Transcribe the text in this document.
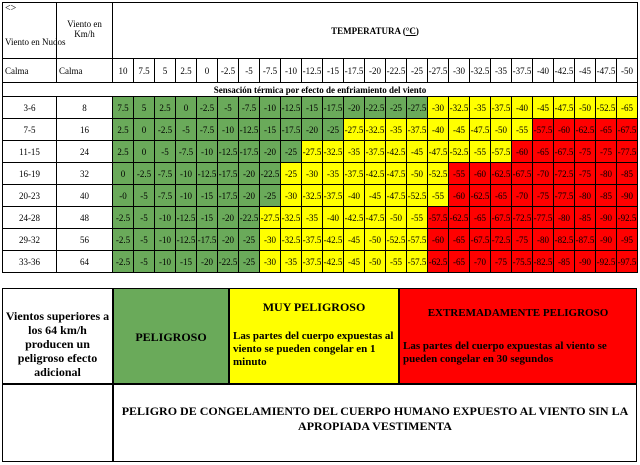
<>
Viento en Nudos	Viento en Km/h	TEMPERATURA (°C)																								
Calma	Calma	10	7.5	5	2.5	0	-2.5	-5	-7.5	-10	-12.5	-15	-17.5	-20	-22.5	-25	-27.5	-30	-32.5	-35	-37.5	-40	-42.5	-45	-47.5	-50
Sensación térmica por efecto de enfriamiento del viento																										
3-6	8	7.5	5	2.5	0	-2.5	-5	-7.5	-10	-12.5	-15	-17.5	-20	-22.5	-25	-27.5	-30	-32.5	-35	-37.5	-40	-45	-47.5	-50	-52.5	-65
7-5	16	2.5	0	-2.5	-5	-7.5	-10	-12.5	-15	-17.5	-20	-25	-27.5	-32.5	-35	-37.5	-40	-45	-47.5	-50	-55	-57.5	-60	-62.5	-65	-67.5
11-15	24	2.5	0	-5	-7.5	-10	-12.5	-17.5	-20	-25	-27.5	-32.5	-35	-37.5	-42.5	-45	-47.5	-52.5	-55	-57.5	-60	-65	-67.5	-75	-75	-77.5
16-19	32	0	-2.5	-7.5	-10	-12.5	-17.5	-20	-22.5	-25	-30	-35	-37.5	-42.5	-47.5	-50	-52.5	-55	-60	-62.5	-67.5	-70	-72.5	-75	-80	-85
20-23	40	-0	-5	-7.5	-10	-15	-17.5	-20	-25	-30	-32.5	-37.5	-40	-45	-47.5	-52.5	-55	-60	-62.5	-65	-70	-75	-77.5	-80	-85	-90
24-28	48	-2.5	-5	-10	-12.5	-15	-20	-22.5	-27.5	-32.5	-35	-40	-42.5	-47.5	-50	-55	-57.5	-62.5	-65	-67.5	-72.5	-77.5	-80	-85	-90	-92.5
29-32	56	-2.5	-5	-10	-12.5	-17.5	-20	-25	-30	-32.5	-37.5	-42.5	-45	-50	-52.5	-57.5	-60	-65	-67.5	-72.5	-75	-80	-82.5	-87.5	-90	-95
33-36	64	-2.5	-5	-10	-15	-20	-22.5	-25	-30	-35	-37.5	-42.5	-45	-50	-55	-57.5	-62.5	-65	-70	-75	-75.5	-82.5	-85	-90	-92.5	-97.5
Vientos superiores a los 64 km/h producen un peligroso efecto adicional
PELIGROSO
MUY PELIGROSO
Las partes del cuerpo expuestas al viento se pueden congelar en 1 minuto
EXTREMADAMENTE PELIGROSO
Las partes del cuerpo expuestas al viento se pueden congelar en 30 segundos
PELIGRO DE CONGELAMIENTO DEL CUERPO HUMANO EXPUESTO AL VIENTO SIN LA APROPIADA VESTIMENTA
